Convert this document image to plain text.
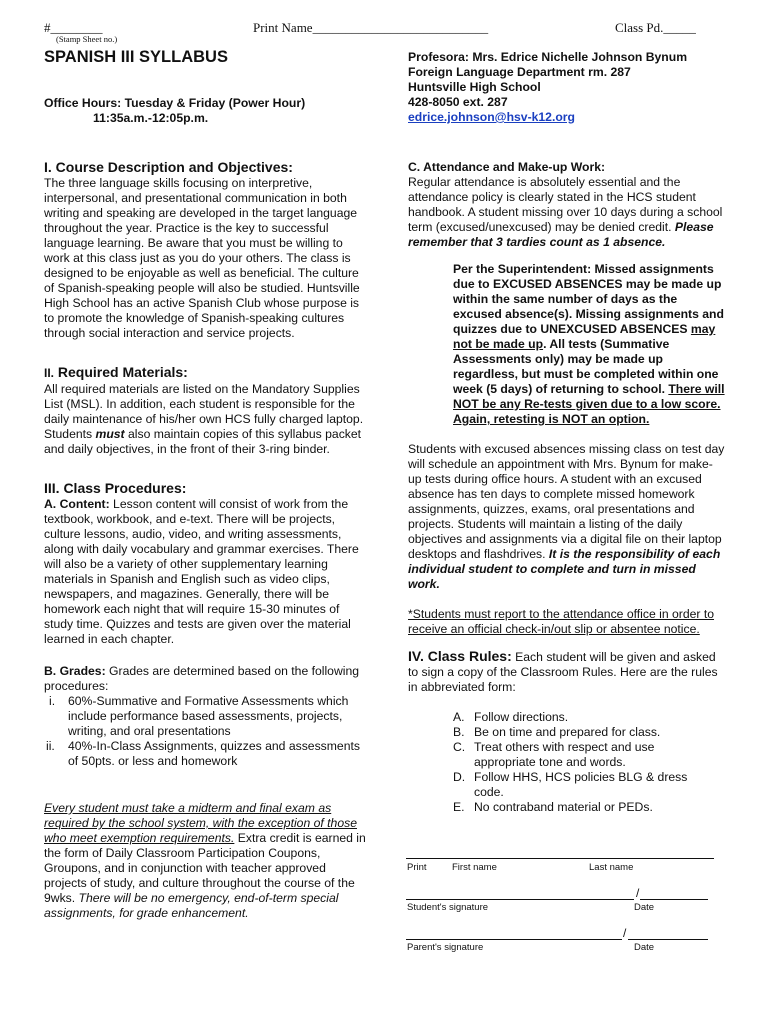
#________
(Stamp Sheet no.)
Print Name___________________________	Class Pd._____
SPANISH III SYLLABUS
Office Hours: Tuesday & Friday (Power Hour)
11:35a.m.-12:05p.m.
Profesora: Mrs. Edrice Nichelle Johnson Bynum
Foreign Language Department rm. 287
Huntsville High School
428-8050 ext. 287
edrice.johnson@hsv-k12.org
I. Course Description and Objectives:

The three language skills focusing on interpretive, interpersonal, and presentational communication in both writing and speaking are developed in the target language throughout the year. Practice is the key to successful language learning. Be aware that you must be willing to work at this class just as you do your others. The class is designed to be enjoyable as well as beneficial. The culture of Spanish-speaking people will also be studied. Huntsville High School has an active Spanish Club whose purpose is to promote the knowledge of Spanish-speaking cultures through social interaction and service projects.

II. Required Materials:

All required materials are listed on the Mandatory Supplies List (MSL). In addition, each student is responsible for the daily maintenance of his/her own HCS fully charged laptop. Students must also maintain copies of this syllabus packet and daily objectives, in the front of their 3-ring binder.

III. Class Procedures:

A. Content: Lesson content will consist of work from the textbook, workbook, and e-text. There will be projects, culture lessons, audio, video, and writing assessments, along with daily vocabulary and grammar exercises. There will also be a variety of other supplementary learning materials in Spanish and English such as video clips, newspapers, and magazines. Generally, there will be homework each night that will require 15-30 minutes of study time. Quizzes and tests are given over the material learned in each chapter.

B. Grades: Grades are determined based on the following procedures:

i. 60%-Summative and Formative Assessments which include performance based assessments, projects, writing, and oral presentations
ii. 40%-In-Class Assignments, quizzes and assessments of 50pts. or less and homework

Every student must take a midterm and final exam as required by the school system, with the exception of those who meet exemption requirements. Extra credit is earned in the form of Daily Classroom Participation Coupons, Groupons, and in conjunction with teacher approved projects of study, and culture throughout the course of the 9wks. There will be no emergency, end-of-term special assignments, for grade enhancement.

C. Attendance and Make-up Work:

Regular attendance is absolutely essential and the attendance policy is clearly stated in the HCS student handbook. A student missing over 10 days during a school term (excused/unexcused) may be denied credit. Please remember that 3 tardies count as 1 absence.

Per the Superintendent: Missed assignments due to EXCUSED ABSENCES may be made up within the same number of days as the excused absence(s). Missing assignments and quizzes due to UNEXCUSED ABSENCES may not be made up. All tests (Summative Assessments only) may be made up regardless, but must be completed within one week (5 days) of returning to school. There will NOT be any Re-tests given due to a low score. Again, retesting is NOT an option.

Students with excused absences missing class on test day will schedule an appointment with Mrs. Bynum for make-up tests during office hours. A student with an excused absence has ten days to complete missed homework assignments, quizzes, exams, oral presentations and projects. Students will maintain a listing of the daily objectives and assignments via a digital file on their laptop desktops and flashdrives. It is the responsibility of each individual student to complete and turn in missed work.

*Students must report to the attendance office in order to receive an official check-in/out slip or absentee notice.

IV. Class Rules: Each student will be given and asked to sign a copy of the Classroom Rules. Here are the rules in abbreviated form:

A. Follow directions.
B. Be on time and prepared for class.
C. Treat others with respect and use appropriate tone and words.
D. Follow HHS, HCS policies BLG & dress code.
E. No contraband material or PEDs.
Print	First name	Last name
/
Student's signature	Date
/
Parent's signature	Date
